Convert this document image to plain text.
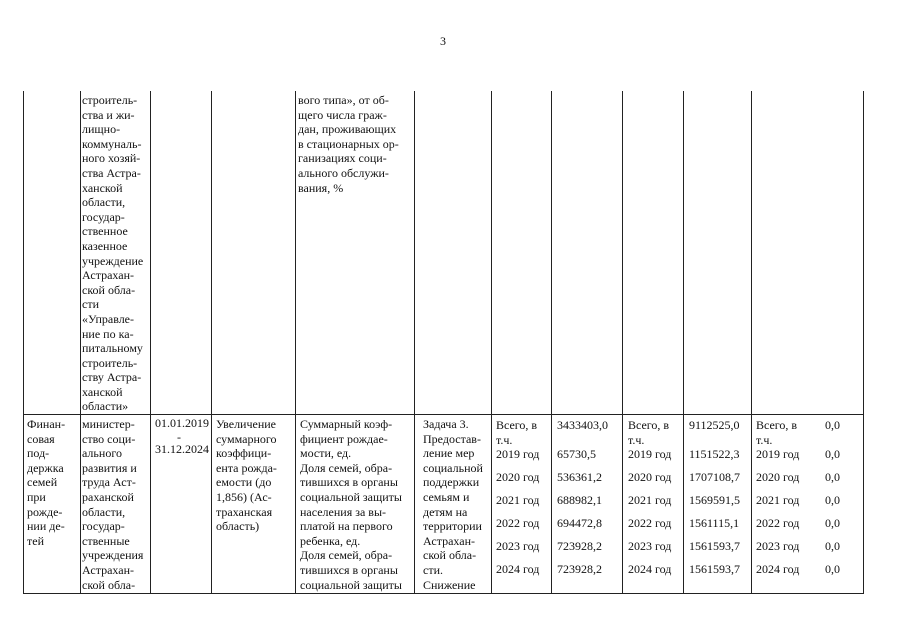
3
строитель-
ства и жи-
лищно-
коммуналь-
ного хозяй-
ства Астра-
ханской
области,
государ-
ственное
казенное
учреждение
Астрахан-
ской обла-
сти
«Управле-
ние по ка-
питальному
строитель-
ству Астра-
ханской
области»
вого типа», от об-
щего числа граж-
дан, проживающих
в стационарных ор-
ганизациях соци-
ального обслужи-
вания, %
Финан-
совая
под-
держка
семей
при
рожде-
нии де-
тей
министер-
ство соци-
ального
развития и
труда Аст-
раханской
области,
государ-
ственные
учреждения
Астрахан-
ской обла-
01.01.2019
-
31.12.2024
Увеличение
суммарного
коэффици-
ента рожда-
емости (до
1,856) (Ас-
траханская
область)
Суммарный коэф-
фициент рождае-
мости, ед.
Доля семей, обра-
тившихся в органы
социальной защиты
населения за вы-
платой на первого
ребенка, ед.
Доля семей, обра-
тившихся в органы
социальной защиты
Задача 3.
Предостав-
ление мер
социальной
поддержки
семьям и
детям на
территории
Астрахан-
ской обла-
сти.
Снижение
Всего, в
т.ч.
Всего, в
т.ч.
Всего, в
т.ч.
3433403,0	9112525,0	0,0
2019 год
2020 год
2021 год
2022 год
2023 год
2024 год
65730,5
536361,2
688982,1
694472,8
723928,2
723928,2
2019 год
2020 год
2021 год
2022 год
2023 год
2024 год
1151522,3
1707108,7
1569591,5
1561115,1
1561593,7
1561593,7
2019 год
2020 год
2021 год
2022 год
2023 год
2024 год
0,0
0,0
0,0
0,0
0,0
0,0
